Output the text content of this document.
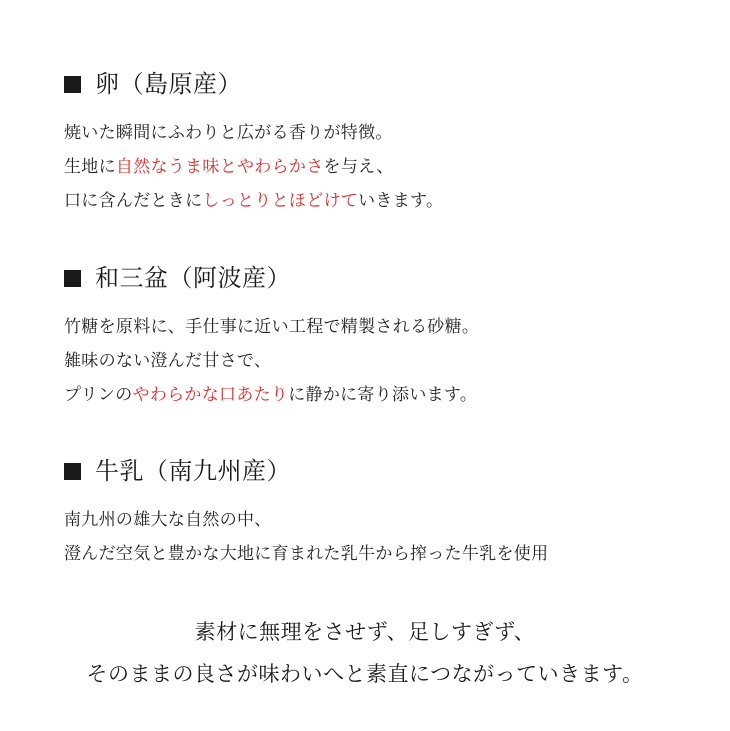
卵（島原産）
焼いた瞬間にふわりと広がる香りが特徴。
生地に自然なうま味とやわらかさを与え、
口に含んだときにしっとりとほどけていきます。
和三盆（阿波産）
竹糖を原料に、手仕事に近い工程で精製される砂糖。
雑味のない澄んだ甘さで、
プリンのやわらかな口あたりに静かに寄り添います。
牛乳（南九州産）
南九州の雄大な自然の中、
澄んだ空気と豊かな大地に育まれた乳牛から搾った牛乳を使用
素材に無理をさせず、足しすぎず、
そのままの良さが味わいへと素直につながっていきます。
